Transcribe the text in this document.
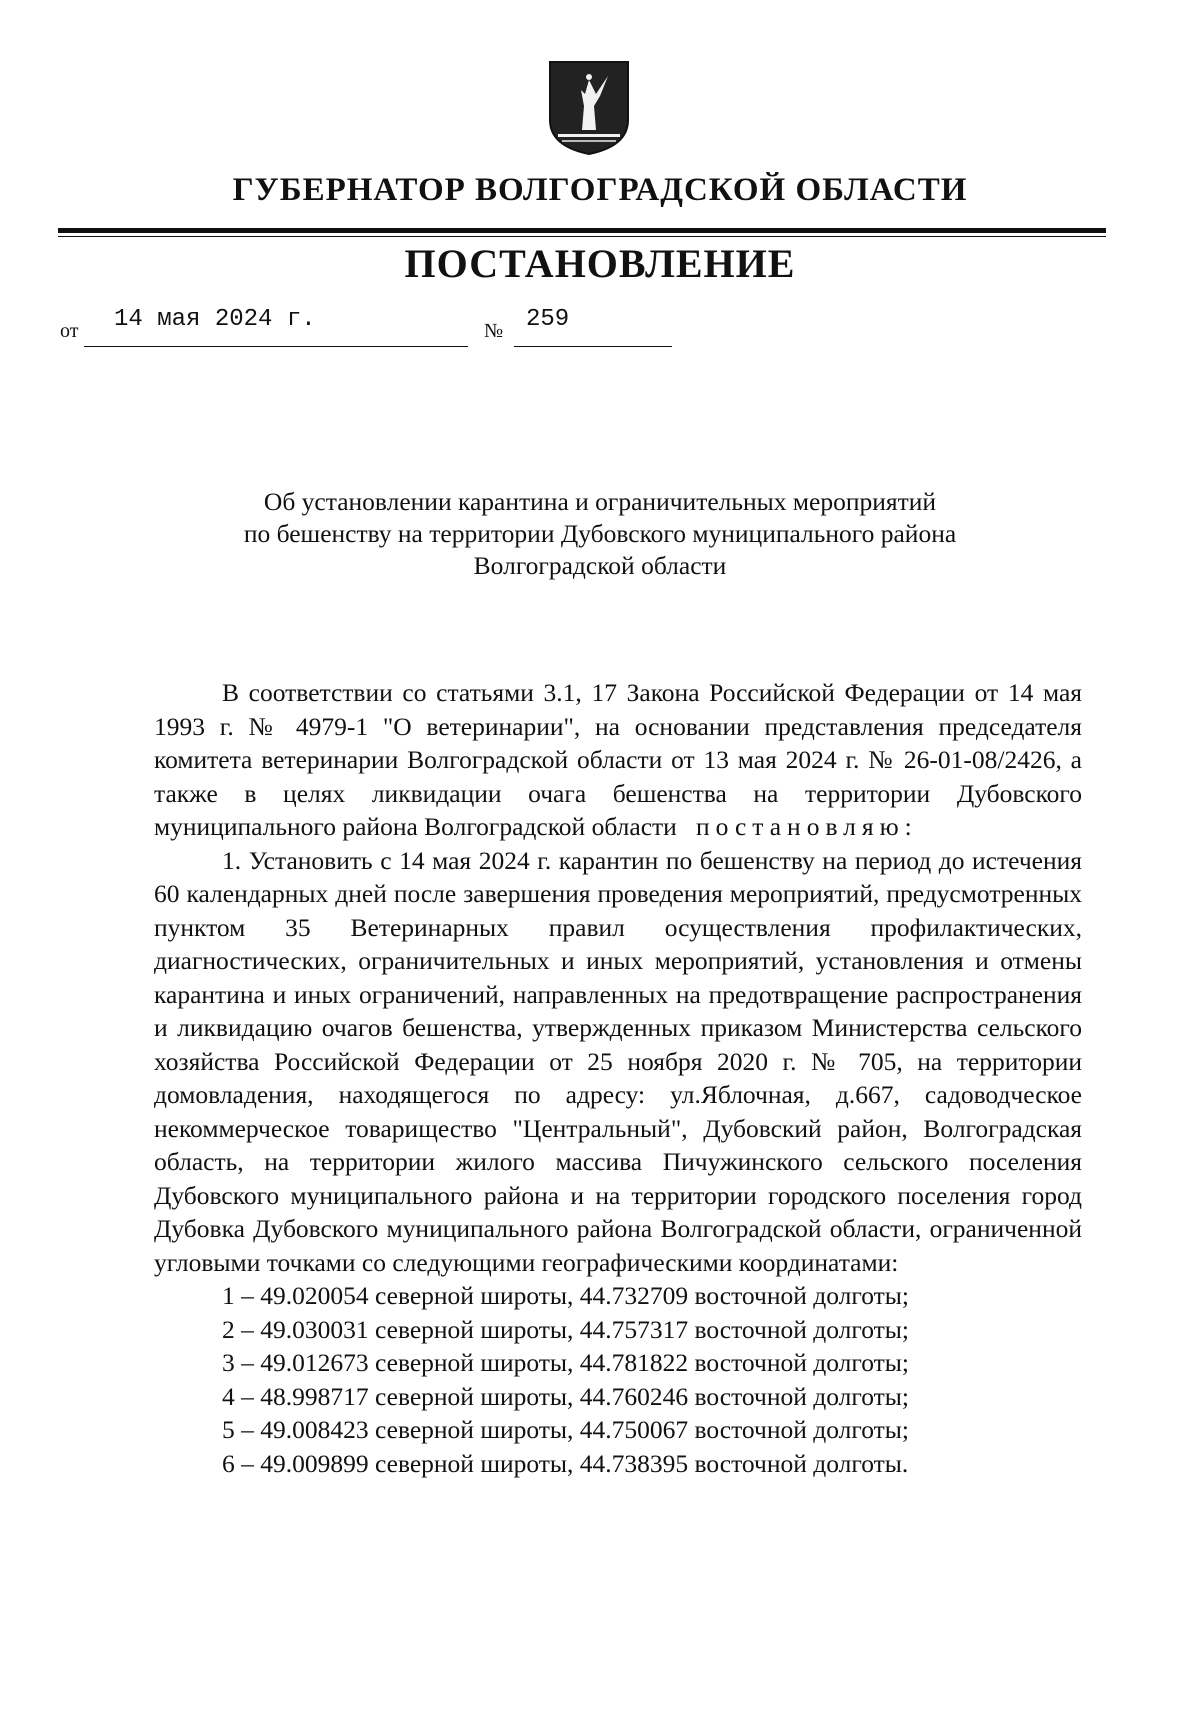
ГУБЕРНАТОР ВОЛГОГРАДСКОЙ ОБЛАСТИ
ПОСТАНОВЛЕНИЕ
от 14 мая 2024 г.	№ 259
Об установлении карантина и ограничительных мероприятий
по бешенству на территории Дубовского муниципального района
Волгоградской области

В соответствии со статьями 3.1, 17 Закона Российской Федерации от 14 мая 1993 г. № 4979-1 "О ветеринарии", на основании представления председателя комитета ветеринарии Волгоградской области от 13 мая 2024 г. № 26-01-08/2426, а также в целях ликвидации очага бешенства на территории Дубовского муниципального района Волгоградской области постановляю:

1. Установить с 14 мая 2024 г. карантин по бешенству на период до истечения 60 календарных дней после завершения проведения мероприятий, предусмотренных пунктом 35 Ветеринарных правил осуществления профилактических, диагностических, ограничительных и иных мероприятий, установления и отмены карантина и иных ограничений, направленных на предотвращение распространения и ликвидацию очагов бешенства, утвержденных приказом Министерства сельского хозяйства Российской Федерации от 25 ноября 2020 г. № 705, на территории домовладения, находящегося по адресу: ул.Яблочная, д.667, садоводческое некоммерческое товарищество "Центральный", Дубовский район, Волгоградская область, на территории жилого массива Пичужинского сельского поселения Дубовского муниципального района и на территории городского поселения город Дубовка Дубовского муниципального района Волгоградской области, ограниченной угловыми точками со следующими географическими координатами:

1 – 49.020054 северной широты, 44.732709 восточной долготы;
2 – 49.030031 северной широты, 44.757317 восточной долготы;
3 – 49.012673 северной широты, 44.781822 восточной долготы;
4 – 48.998717 северной широты, 44.760246 восточной долготы;
5 – 49.008423 северной широты, 44.750067 восточной долготы;
6 – 49.009899 северной широты, 44.738395 восточной долготы.
